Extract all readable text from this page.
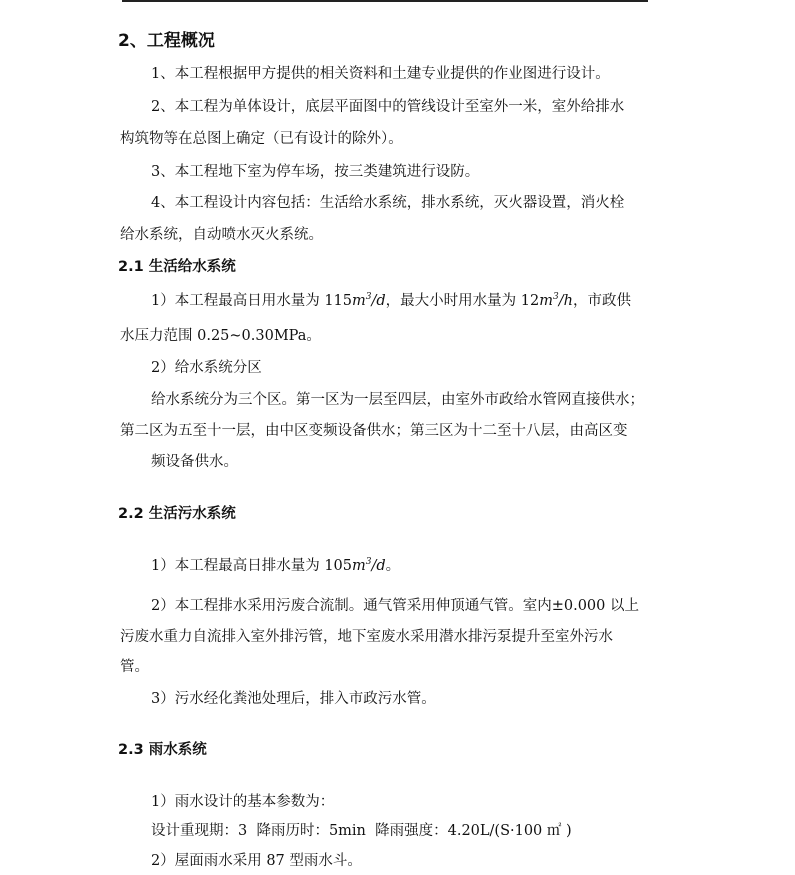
2、工程概况
1、本工程根据甲方提供的相关资料和土建专业提供的作业图进行设计。
2、本工程为单体设计，底层平面图中的管线设计至室外一米，室外给排水
构筑物等在总图上确定（已有设计的除外）。
3、本工程地下室为停车场，按三类建筑进行设防。
4、本工程设计内容包括：生活给水系统，排水系统，灭火器设置，消火栓
给水系统，自动喷水灭火系统。
2.1 生活给水系统
1）本工程最高日用水量为 $115m^3/d$，最大小时用水量为 $12m^3/h$，市政供
水压力范围 0.25~0.30MPa。
2）给水系统分区
给水系统分为三个区。第一区为一层至四层，由室外市政给水管网直接供水；
第二区为五至十一层，由中区变频设备供水；第三区为十二至十八层，由高区变
频设备供水。
2.2 生活污水系统
1）本工程最高日排水量为 $105m^3/d$。
2）本工程排水采用污废合流制。通气管采用伸顶通气管。室内±0.000 以上
污废水重力自流排入室外排污管，地下室废水采用潜水排污泵提升至室外污水
管。
3）污水经化粪池处理后，排入市政污水管。
2.3 雨水系统
1）雨水设计的基本参数为：
设计重现期：3  降雨历时：5min  降雨强度：4.20L/(S·100 ㎡ )
2）屋面雨水采用 87 型雨水斗。
